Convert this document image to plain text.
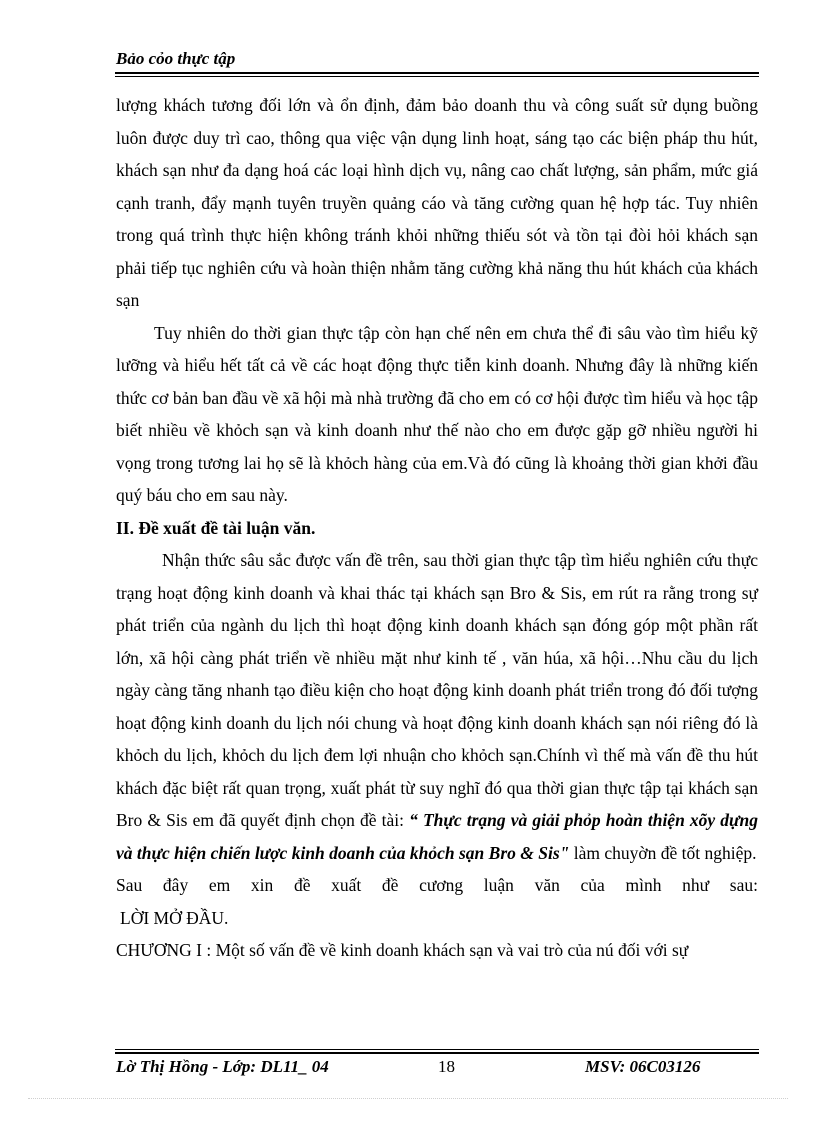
Bảo cỏo thực tập

lượng khách tương đối lớn và ổn định, đảm bảo doanh thu và công suất sử dụng buồng luôn được duy trì cao, thông qua việc vận dụng linh hoạt, sáng tạo các biện pháp thu hút, khách sạn như đa dạng hoá các loại hình dịch vụ, nâng cao chất lượng, sản phẩm, mức giá cạnh tranh, đẩy mạnh tuyên truyền quảng cáo và tăng cường quan hệ hợp tác. Tuy nhiên trong quá trình thực hiện không tránh khỏi những thiếu sót và tồn tại đòi hỏi khách sạn phải tiếp tục nghiên cứu và hoàn thiện nhằm tăng cường khả năng thu hút khách của khách sạn

Tuy nhiên do thời gian thực tập còn hạn chế nên em chưa thể đi sâu vào tìm hiểu kỹ lưỡng và hiểu hết tất cả về các hoạt động thực tiễn kinh doanh. Nhưng đây là những kiến thức cơ bản ban đầu về xã hội mà nhà trường đã cho em có cơ hội được tìm hiểu và học tập biết nhiều về khỏch sạn và kinh doanh như thế nào cho em được gặp gỡ nhiều người hi vọng trong tương lai họ sẽ là khỏch hàng của em.Và đó cũng là khoảng thời gian khởi đầu quý báu cho em sau này.

II. Đề xuất đề tài luận văn.

Nhận thức sâu sắc được vấn đề trên, sau thời gian thực tập tìm hiểu nghiên cứu thực trạng hoạt động kinh doanh và khai thác tại khách sạn Bro & Sis, em rút ra rằng trong sự phát triển của ngành du lịch thì hoạt động kinh doanh khách sạn đóng góp một phần rất lớn, xã hội càng phát triển về nhiều mặt như kinh tế , văn húa, xã hội…Nhu cầu du lịch ngày càng tăng nhanh tạo điều kiện cho hoạt động kinh doanh phát triển trong đó đối tượng hoạt động kinh doanh du lịch nói chung và hoạt động kinh doanh khách sạn nói riêng đó là khỏch du lịch, khỏch du lịch đem lợi nhuận cho khỏch sạn.Chính vì thế mà vấn đề thu hút khách đặc biệt rất quan trọng, xuất phát từ suy nghĩ đó qua thời gian thực tập tại khách sạn Bro & Sis em đã quyết định chọn đề tài: “ Thực trạng và giải phỏp hoàn thiện xõy dựng và thực hiện chiến lược kinh doanh của khỏch sạn Bro & Sis" làm chuyờn đề tốt nghiệp.

Sau đây em xin đề xuất đề cương luận văn của mình như sau:

LỜI MỞ ĐẦU.

CHƯƠNG I : Một số vấn đề về kinh doanh khách sạn và vai trò của nú đối với sự

Lờ Thị Hồng - Lớp: DL11_ 04	18	MSV: 06C03126
